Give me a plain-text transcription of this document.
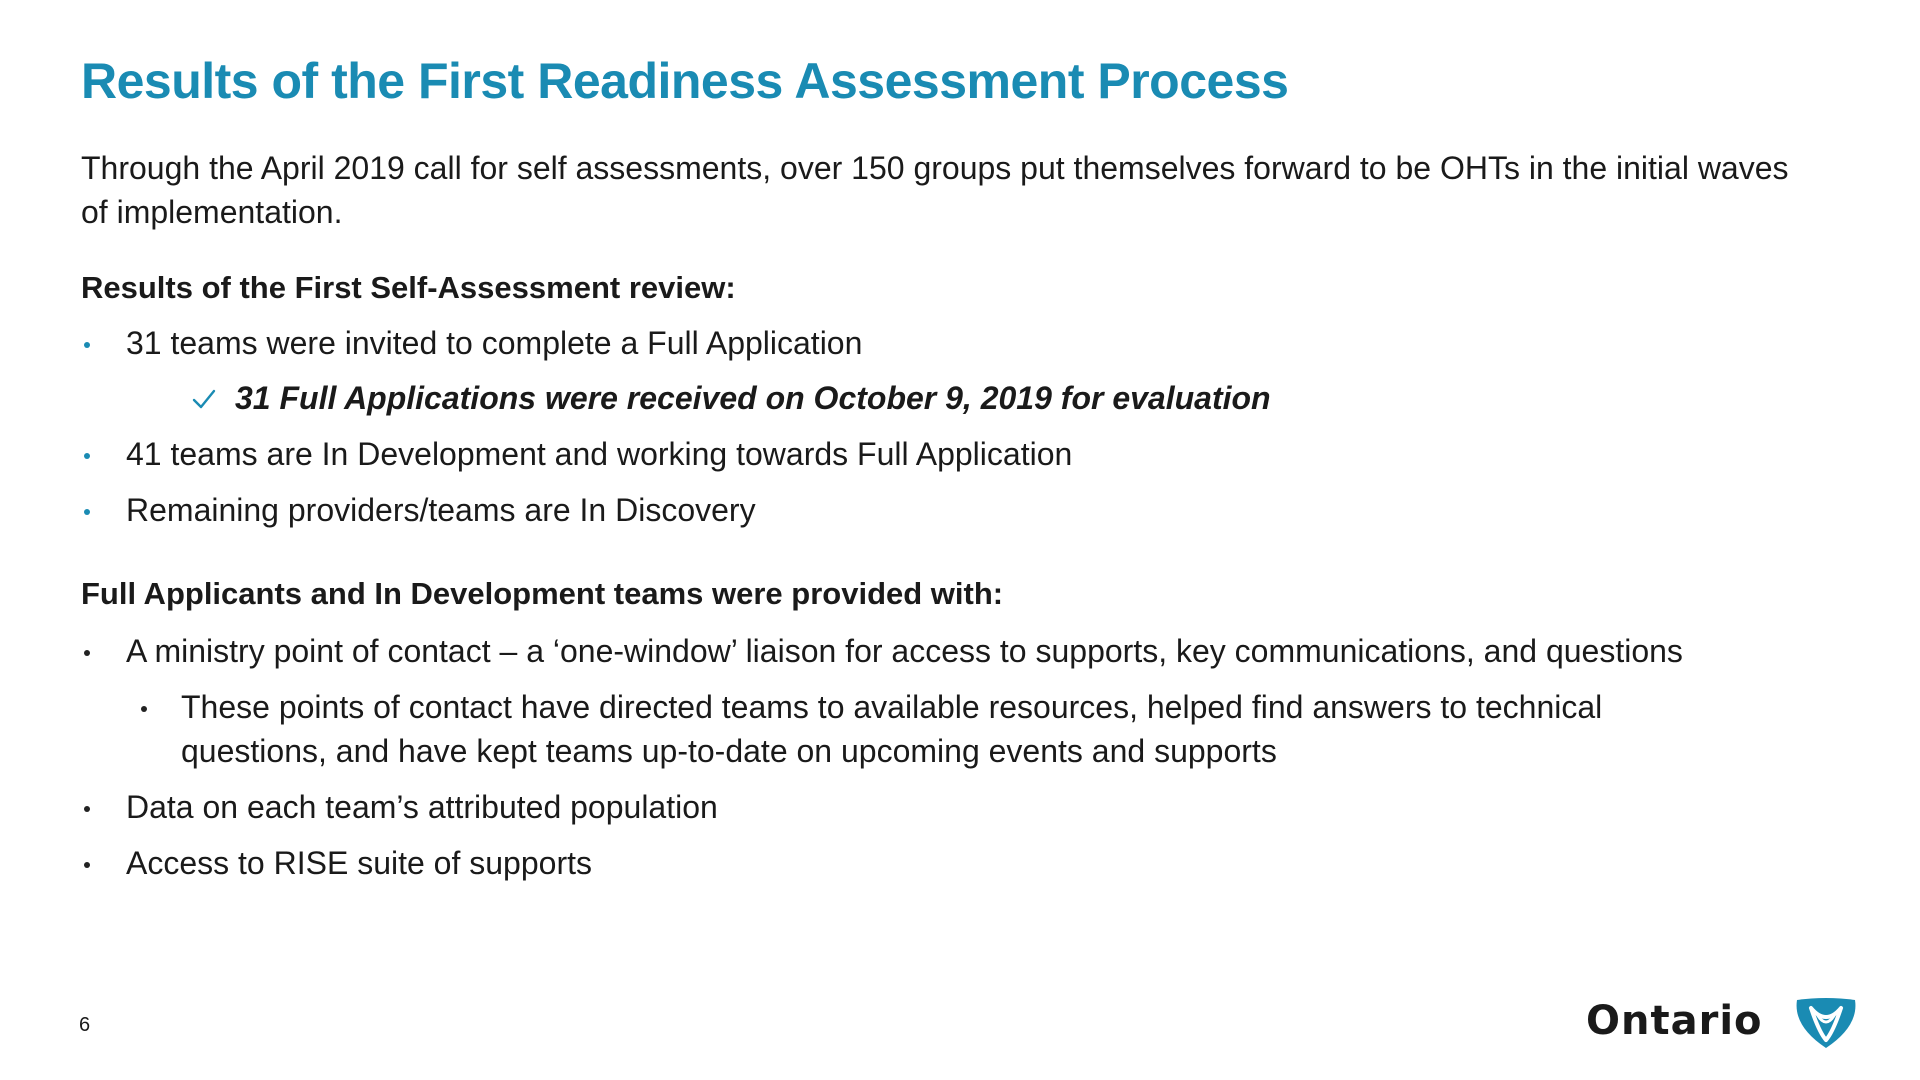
Results of the First Readiness Assessment Process

Through the April 2019 call for self assessments, over 150 groups put themselves forward to be OHTs in the initial waves of implementation.

Results of the First Self-Assessment review:
31 teams were invited to complete a Full Application
31 Full Applications were received on October 9, 2019 for evaluation
41 teams are In Development and working towards Full Application
Remaining providers/teams are In Discovery
Full Applicants and In Development teams were provided with:
A ministry point of contact – a ‘one-window’ liaison for access to supports, key communications, and questions
These points of contact have directed teams to available resources, helped find answers to technical questions, and have kept teams up-to-date on upcoming events and supports
Data on each team’s attributed population
Access to RISE suite of supports
6	Ontario
